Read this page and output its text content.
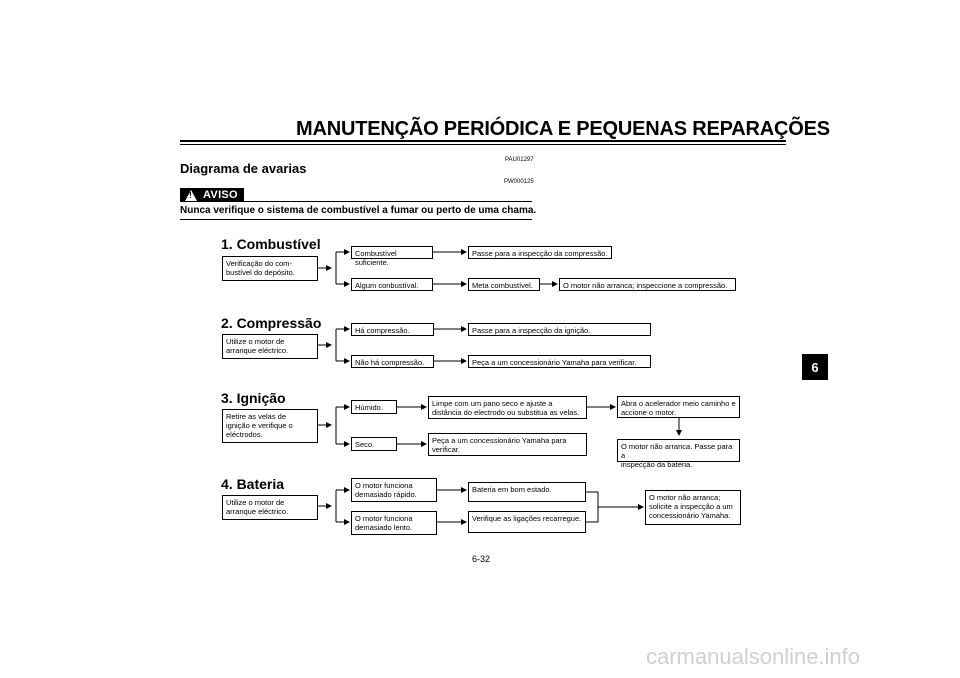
MANUTENÇÃO PERIÓDICA E PEQUENAS REPARAÇÕES
PAU01297
Diagrama de avarias
PW000125
! AVISO
Nunca verifique o sistema de combustível a fumar ou perto de uma chama.
1. Combustível
Verificação do com-
bustível do depósito.
Combustível suficiente.
Passe para a inspecção da compressão.
Algum conbustíval.	Meta combustível.	O motor não arranca; inspeccione a compressão.
2. Compressão
Utilize o motor de
arranque eléctrico.
Há compressão.	Passe para a inspecção da ignição.
Não há compressão.	Peça a um concessionário Yamaha para verificar.
3. Ignição
Retire as velas de
ignição e verifique o
eléctrodos.
Húmido.	Limpe com um pano seco e ajuste a
distância do electrodo ou substitua as velas.
Abra o acelerador meio caminho e
accione o motor.
O motor não arranca. Passe para a
inspecção da bateria.
Seco.	Peça a um concessionário Yamaha para
verificar.
4. Bateria
Utilize o motor de
arranque eléctrico.
O motor funciona
demasiado rápido.
Bateria em bom estado.
O motor funciona
demasiado lento.
Verifique as ligações recarregue.
O motor não arranca;
solicite a inspecção a um
concessionário Yamaha.
6
6-32
carmanualsonline.info
